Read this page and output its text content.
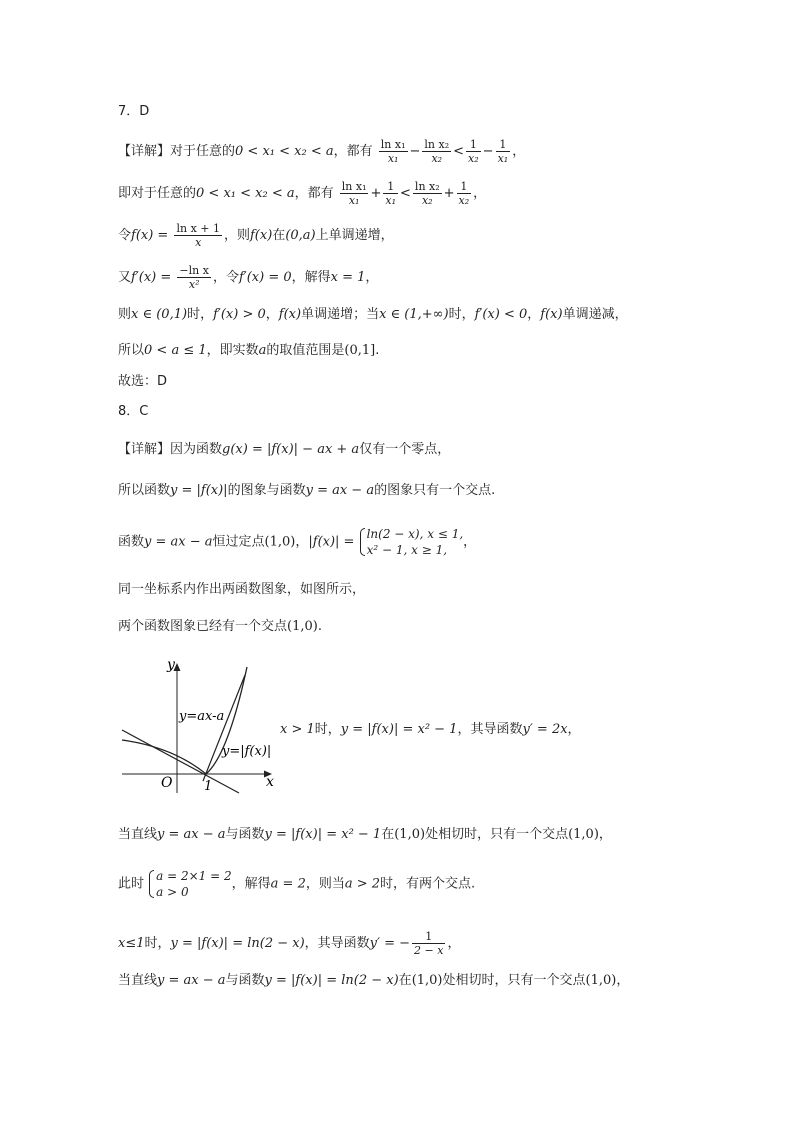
7．D
【详解】对于任意的0 < x₁ < x₂ < a，都有 $\frac{\text{ln x₁}}{\text{x₁}} - \frac{\text{ln x₂}}{\text{x₂}} < \frac{1}{\text{x₂}} - \frac{1}{\text{x₁}}$ ，
即对于任意的0 < x₁ < x₂ < a，都有 $\frac{\text{ln x₁}}{\text{x₁}} + \frac{1}{\text{x₁}} < \frac{\text{ln x₂}}{\text{x₂}} + \frac{1}{\text{x₂}}$ ，
令$f(x) = \frac{\text{ln x + 1}}{x}$ ，则f(x)在(0,a)上单调递增，
又$f'(x) = \frac{\text{−ln x}}{\text{x²}}$ ，令f′(x) = 0，解得x = 1，
则x ∈ (0,1)时，f′(x) > 0，f(x)单调递增；当x ∈ (1,+∞)时，f′(x) < 0，f(x)单调递减，
所以0 < a ≤ 1，即实数a的取值范围是(0,1].
故选：D
8．C
【详解】因为函数g(x) = |f(x)| − ax + a仅有一个零点，
所以函数y = |f(x)|的图象与函数y = ax − a的图象只有一个交点.
函数y = ax − a恒过定点(1,0)，|f(x)| =
ln(2 − x), x ≤ 1,
x² − 1, x ≥ 1,
，
同一坐标系内作出两函数图象，如图所示，
两个函数图象已经有一个交点(1,0).
y
x
O 1
y=ax-a
y=|f(x)|
x > 1时，y = |f(x)| = x² − 1，其导函数y′ = 2x，
当直线y = ax − a与函数y = |f(x)| = x² − 1在(1,0)处相切时，只有一个交点(1,0)，
此时
a = 2×1 = 2
a > 0
，解得a = 2，则当a > 2时，有两个交点.
x≤1时，y = |f(x)| = ln(2 − x)，其导函数y′ = − $\frac{1}{2 - x}$ ，
当直线y = ax − a与函数y = |f(x)| = ln(2 − x)在(1,0)处相切时，只有一个交点(1,0)，
